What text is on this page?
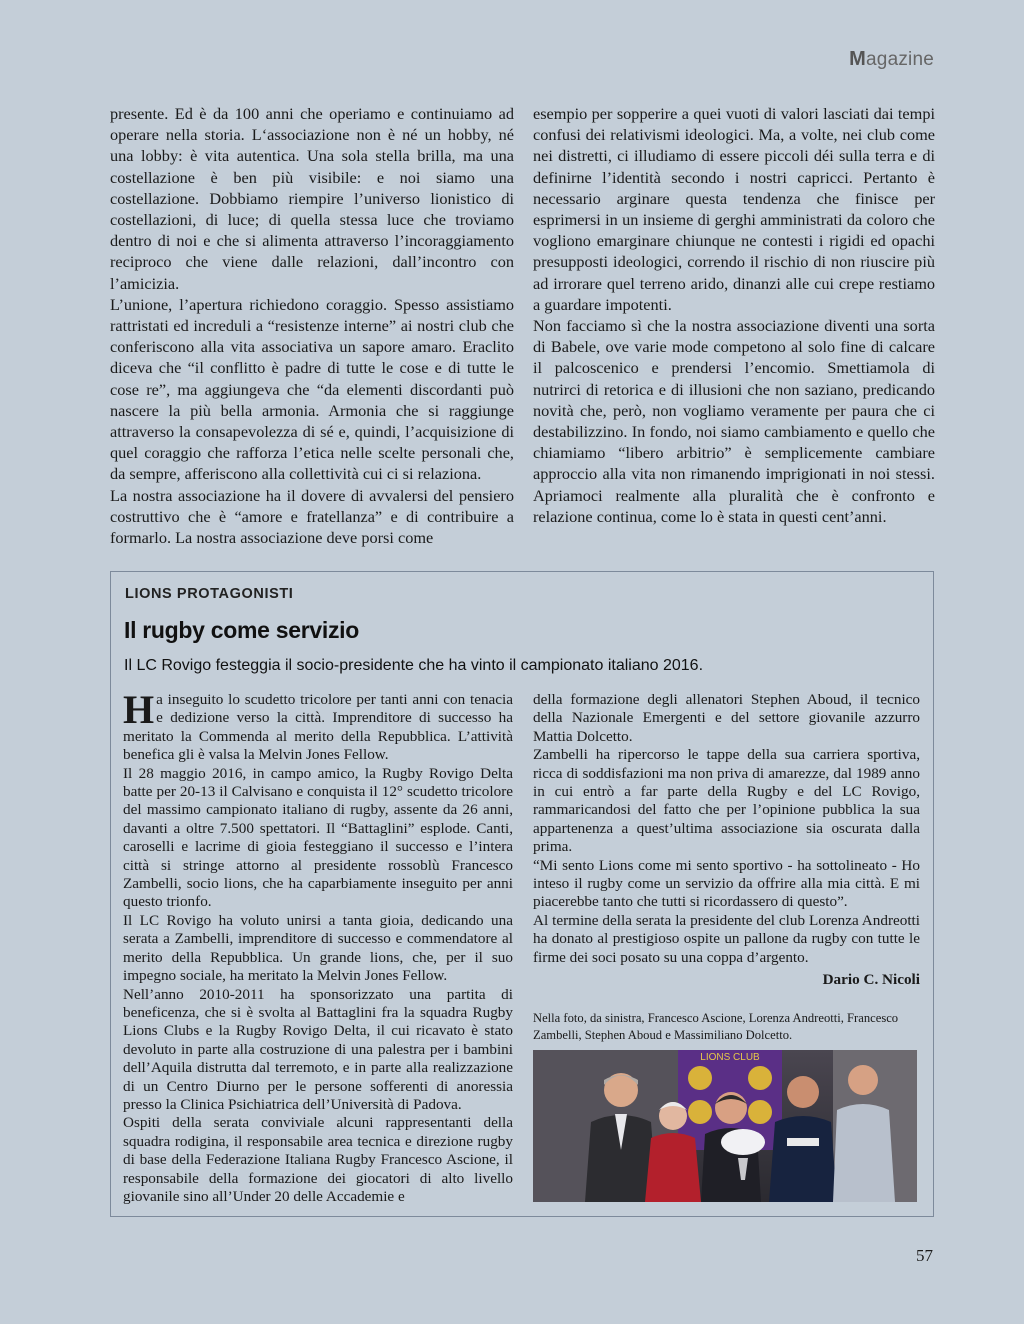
Magazine

presente. Ed è da 100 anni che operiamo e continuiamo ad operare nella storia. L‘associazione non è né un hobby, né una lobby: è vita autentica. Una sola stella brilla, ma una costellazione è ben più visibile: e noi siamo una costellazione. Dobbiamo riempire l’universo lionistico di costellazioni, di luce; di quella stessa luce che troviamo dentro di noi e che si alimenta attraverso l’incoraggiamento reciproco che viene dalle relazioni, dall’incontro con l’amicizia.

L’unione, l’apertura richiedono coraggio. Spesso assistiamo rattristati ed increduli a “resistenze interne” ai nostri club che conferiscono alla vita associativa un sapore amaro. Eraclito diceva che “il conflitto è padre di tutte le cose e di tutte le cose re”, ma aggiungeva che “da elementi discordanti può nascere la più bella armonia. Armonia che si raggiunge attraverso la consapevolezza di sé e, quindi, l’acquisizione di quel coraggio che rafforza l’etica nelle scelte personali che, da sempre, afferiscono alla collettività cui ci si relaziona.

La nostra associazione ha il dovere di avvalersi del pensiero costruttivo che è “amore e fratellanza” e di contribuire a formarlo. La nostra associazione deve porsi come

esempio per sopperire a quei vuoti di valori lasciati dai tempi confusi dei relativismi ideologici. Ma, a volte, nei club come nei distretti, ci illudiamo di essere piccoli déi sulla terra e di definirne l’identità secondo i nostri capricci. Pertanto è necessario arginare questa tendenza che finisce per esprimersi in un insieme di gerghi amministrati da coloro che vogliono emarginare chiunque ne contesti i rigidi ed opachi presupposti ideologici, correndo il rischio di non riuscire più ad irrorare quel terreno arido, dinanzi alle cui crepe restiamo a guardare impotenti.

Non facciamo sì che la nostra associazione diventi una sorta di Babele, ove varie mode competono al solo fine di calcare il palcoscenico e prendersi l’encomio. Smettiamola di nutrirci di retorica e di illusioni che non saziano, predicando novità che, però, non vogliamo veramente per paura che ci destabilizzino. In fondo, noi siamo cambiamento e quello che chiamiamo “libero arbitrio” è semplicemente cambiare approccio alla vita non rimanendo imprigionati in noi stessi. Apriamoci realmente alla pluralità che è confronto e relazione continua, come lo è stata in questi cent’anni.

LIONS PROTAGONISTI
Il rugby come servizio
Il LC Rovigo festeggia il socio-presidente che ha vinto il campionato italiano 2016.

Ha inseguito lo scudetto tricolore per tanti anni con tenacia e dedizione verso la città. Imprenditore di successo ha meritato la Commenda al merito della Repubblica. L’attività benefica gli è valsa la Melvin Jones Fellow.

Il 28 maggio 2016, in campo amico, la Rugby Rovigo Delta batte per 20-13 il Calvisano e conquista il 12° scudetto tricolore del massimo campionato italiano di rugby, assente da 26 anni, davanti a oltre 7.500 spettatori. Il “Battaglini” esplode. Canti, caroselli e lacrime di gioia festeggiano il successo e l’intera città si stringe attorno al presidente rossoblù Francesco Zambelli, socio lions, che ha caparbiamente inseguito per anni questo trionfo.

Il LC Rovigo ha voluto unirsi a tanta gioia, dedicando una serata a Zambelli, imprenditore di successo e commendatore al merito della Repubblica. Un grande lions, che, per il suo impegno sociale, ha meritato la Melvin Jones Fellow.

Nell’anno 2010-2011 ha sponsorizzato una partita di beneficenza, che si è svolta al Battaglini fra la squadra Rugby Lions Clubs e la Rugby Rovigo Delta, il cui ricavato è stato devoluto in parte alla costruzione di una palestra per i bambini dell’Aquila distrutta dal terremoto, e in parte alla realizzazione di un Centro Diurno per le persone sofferenti di anoressia presso la Clinica Psichiatrica dell’Università di Padova.

Ospiti della serata conviviale alcuni rappresentanti della squadra rodigina, il responsabile area tecnica e direzione rugby di base della Federazione Italiana Rugby Francesco Ascione, il responsabile della formazione dei giocatori di alto livello giovanile sino all’Under 20 delle Accademie e

della formazione degli allenatori Stephen Aboud, il tecnico della Nazionale Emergenti e del settore giovanile azzurro Mattia Dolcetto.

Zambelli ha ripercorso le tappe della sua carriera sportiva, ricca di soddisfazioni ma non priva di amarezze, dal 1989 anno in cui entrò a far parte della Rugby e del LC Rovigo, rammaricandosi del fatto che per l’opinione pubblica la sua appartenenza a quest’ultima associazione sia oscurata dalla prima.

“Mi sento Lions come mi sento sportivo - ha sottolineato - Ho inteso il rugby come un servizio da offrire alla mia città. E mi piacerebbe tanto che tutti si ricordassero di questo”.

Al termine della serata la presidente del club Lorenza Andreotti ha donato al prestigioso ospite un pallone da rugby con tutte le firme dei soci posato su una coppa d’argento.

Dario C. Nicoli

Nella foto, da sinistra, Francesco Ascione, Lorenza Andreotti, Francesco Zambelli, Stephen Aboud e Massimiliano Dolcetto.

LIONS CLUB
57
